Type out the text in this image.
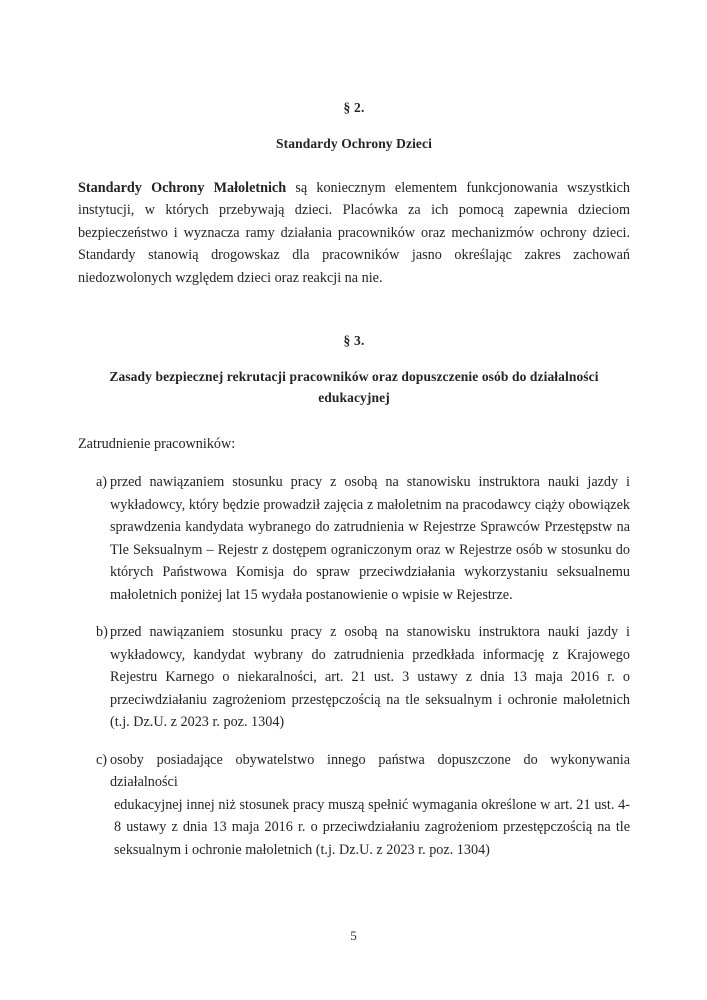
§ 2.
Standardy Ochrony Dzieci

Standardy Ochrony Małoletnich są koniecznym elementem funkcjonowania wszystkich instytucji, w których przebywają dzieci. Placówka za ich pomocą zapewnia dzieciom bezpieczeństwo i wyznacza ramy działania pracowników oraz mechanizmów ochrony dzieci. Standardy stanowią drogowskaz dla pracowników jasno określając zakres zachowań niedozwolonych względem dzieci oraz reakcji na nie.

§ 3.
Zasady bezpiecznej rekrutacji pracowników oraz dopuszczenie osób do działalności
edukacyjnej

Zatrudnienie pracowników:

a) przed nawiązaniem stosunku pracy z osobą na stanowisku instruktora nauki jazdy i wykładowcy, który będzie prowadził zajęcia z małoletnim na pracodawcy ciąży obowiązek sprawdzenia kandydata wybranego do zatrudnienia w Rejestrze Sprawców Przestępstw na Tle Seksualnym – Rejestr z dostępem ograniczonym oraz w Rejestrze osób w stosunku do których Państwowa Komisja do spraw przeciwdziałania wykorzystaniu seksualnemu małoletnich poniżej lat 15 wydała postanowienie o wpisie w Rejestrze.
b) przed nawiązaniem stosunku pracy z osobą na stanowisku instruktora nauki jazdy i wykładowcy, kandydat wybrany do zatrudnienia przedkłada informację z Krajowego Rejestru Karnego o niekaralności, art. 21 ust. 3 ustawy z dnia 13 maja 2016 r. o przeciwdziałaniu zagrożeniom przestępczością na tle seksualnym i ochronie małoletnich (t.j. Dz.U. z 2023 r. poz. 1304)
c) osoby posiadające obywatelstwo innego państwa dopuszczone do wykonywania działalności
edukacyjnej innej niż stosunek pracy muszą spełnić wymagania określone w art. 21 ust. 4-8 ustawy z dnia 13 maja 2016 r. o przeciwdziałaniu zagrożeniom przestępczością na tle seksualnym i ochronie małoletnich (t.j. Dz.U. z 2023 r. poz. 1304)
5
